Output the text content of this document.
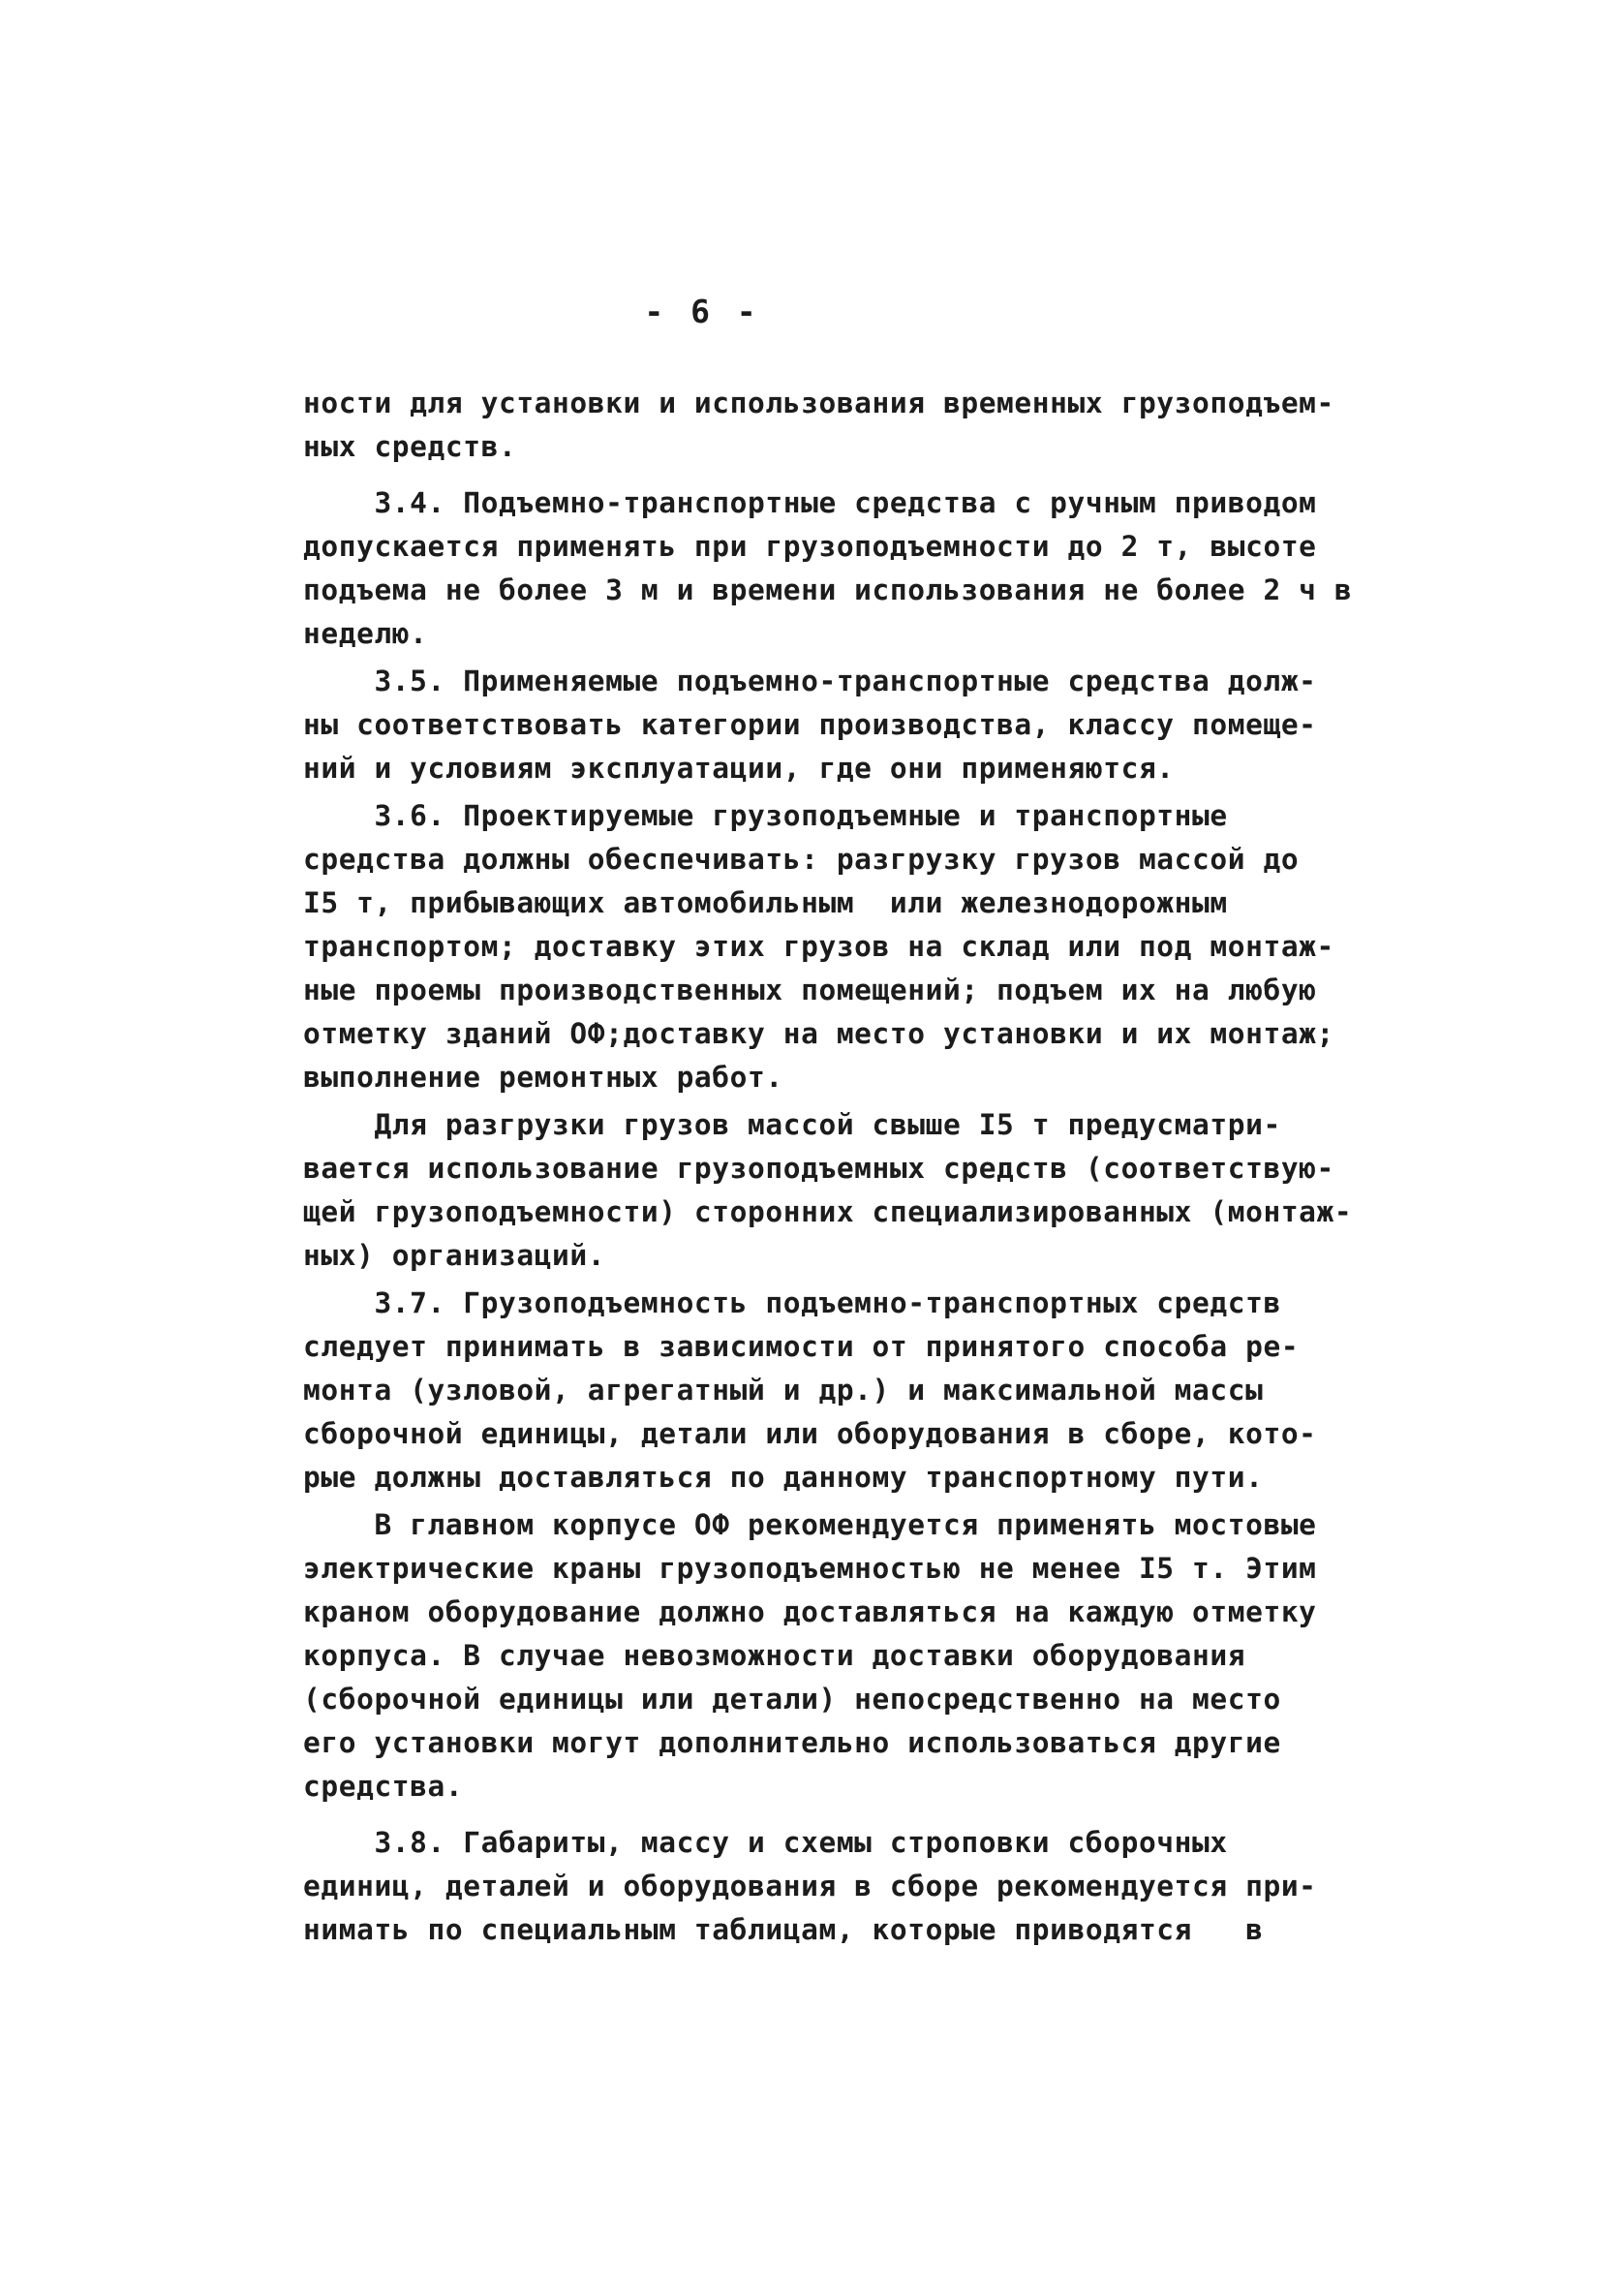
- 6 -
ности для установки и использования временных грузоподъем-
ных средств.
3.4. Подъемно-транспортные средства с ручным приводом
допускается применять при грузоподъемности до 2 т, высоте
подъема не более 3 м и времени использования не более 2 ч в
неделю.
3.5. Применяемые подъемно-транспортные средства долж-
ны соответствовать категории производства, классу помеще-
ний и условиям эксплуатации, где они применяются.
3.6. Проектируемые грузоподъемные и транспортные
средства должны обеспечивать: разгрузку грузов массой до
I5 т, прибывающих автомобильным  или железнодорожным
транспортом; доставку этих грузов на склад или под монтаж-
ные проемы производственных помещений; подъем их на любую
отметку зданий ОФ;доставку на место установки и их монтаж;
выполнение ремонтных работ.
Для разгрузки грузов массой свыше I5 т предусматри-
вается использование грузоподъемных средств (соответствую-
щей грузоподъемности) сторонних специализированных (монтаж-
ных) организаций.
3.7. Грузоподъемность подъемно-транспортных средств
следует принимать в зависимости от принятого способа ре-
монта (узловой, агрегатный и др.) и максимальной массы
сборочной единицы, детали или оборудования в сборе, кото-
рые должны доставляться по данному транспортному пути.
В главном корпусе ОФ рекомендуется применять мостовые
электрические краны грузоподъемностью не менее I5 т. Этим
краном оборудование должно доставляться на каждую отметку
корпуса. В случае невозможности доставки оборудования
(сборочной единицы или детали) непосредственно на место
его установки могут дополнительно использоваться другие
средства.
3.8. Габариты, массу и схемы строповки сборочных
единиц, деталей и оборудования в сборе рекомендуется при-
нимать по специальным таблицам, которые приводятся   в
